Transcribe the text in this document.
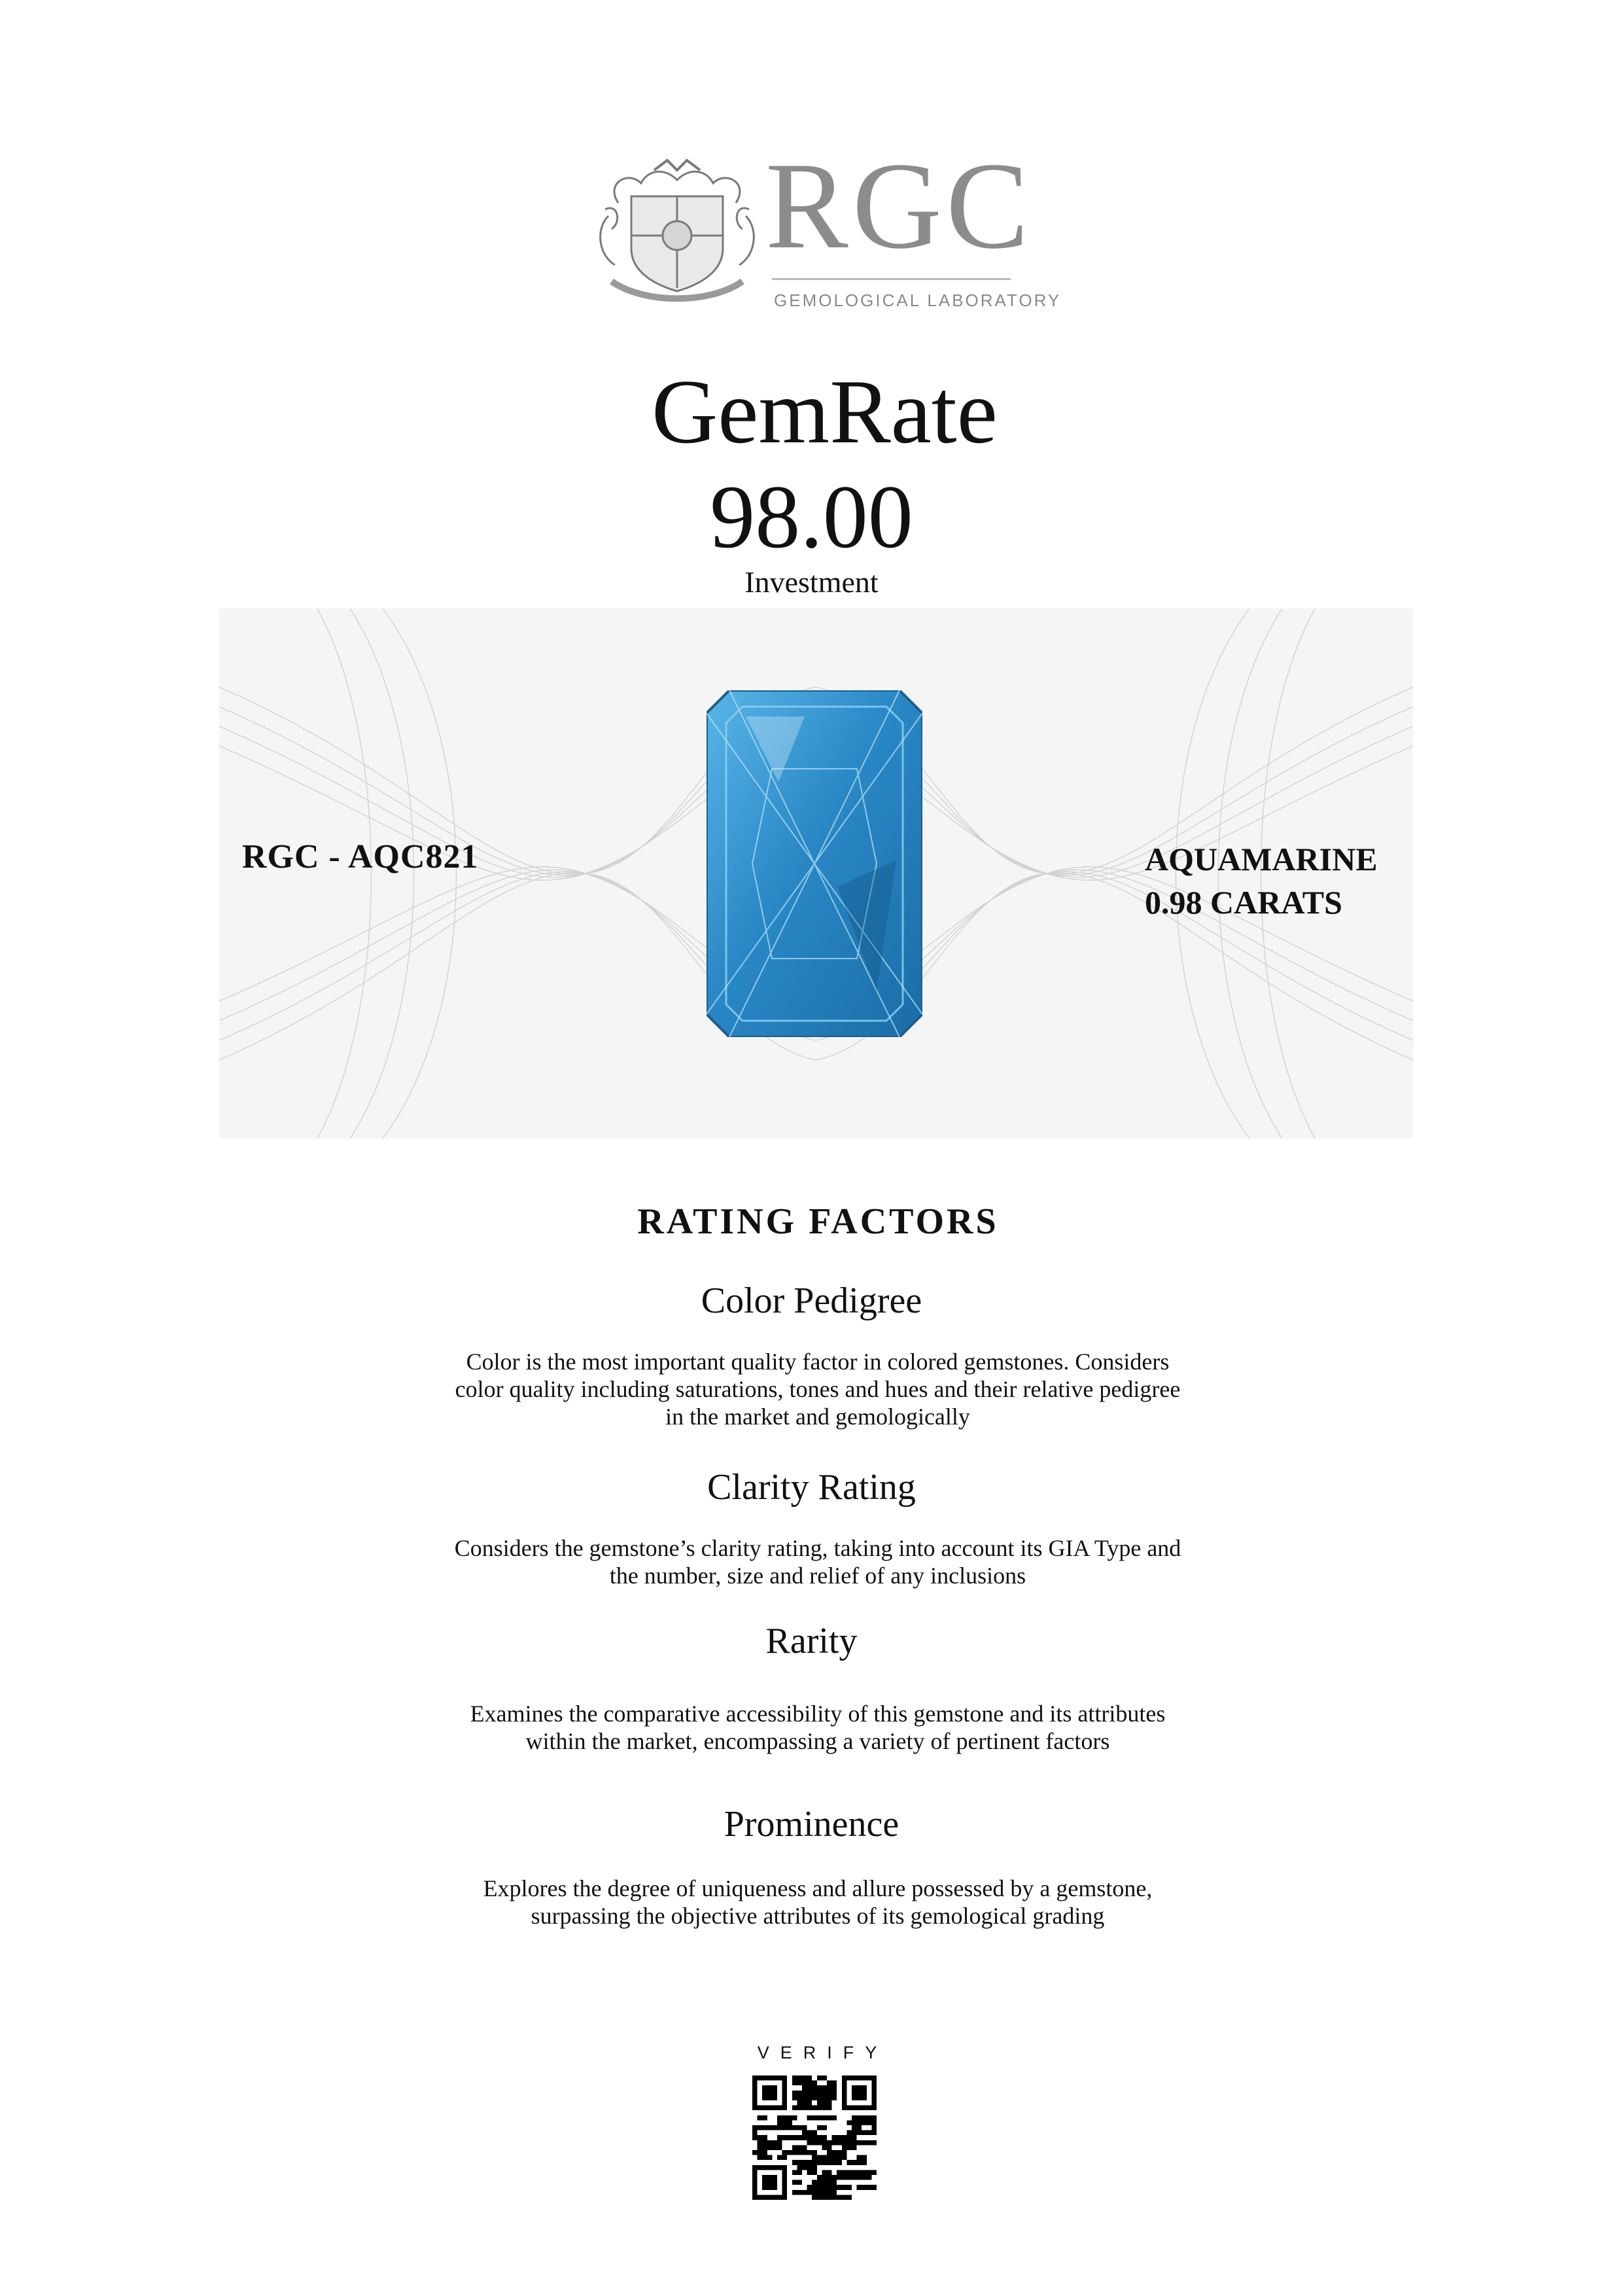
RGC
GEMOLOGICAL LABORATORY
GemRate
98.00
Investment
RGC - AQC821	AQUAMARINE
0.98 CARATS
RATING FACTORS
Color Pedigree
Color is the most important quality factor in colored gemstones. Considers color quality including saturations, tones and hues and their relative pedigree in the market and gemologically
Clarity Rating
Considers the gemstone’s clarity rating, taking into account its GIA Type and the number, size and relief of any inclusions
Rarity
Examines the comparative accessibility of this gemstone and its attributes within the market, encompassing a variety of pertinent factors
Prominence
Explores the degree of uniqueness and allure possessed by a gemstone, surpassing the objective attributes of its gemological grading
VERIFY
